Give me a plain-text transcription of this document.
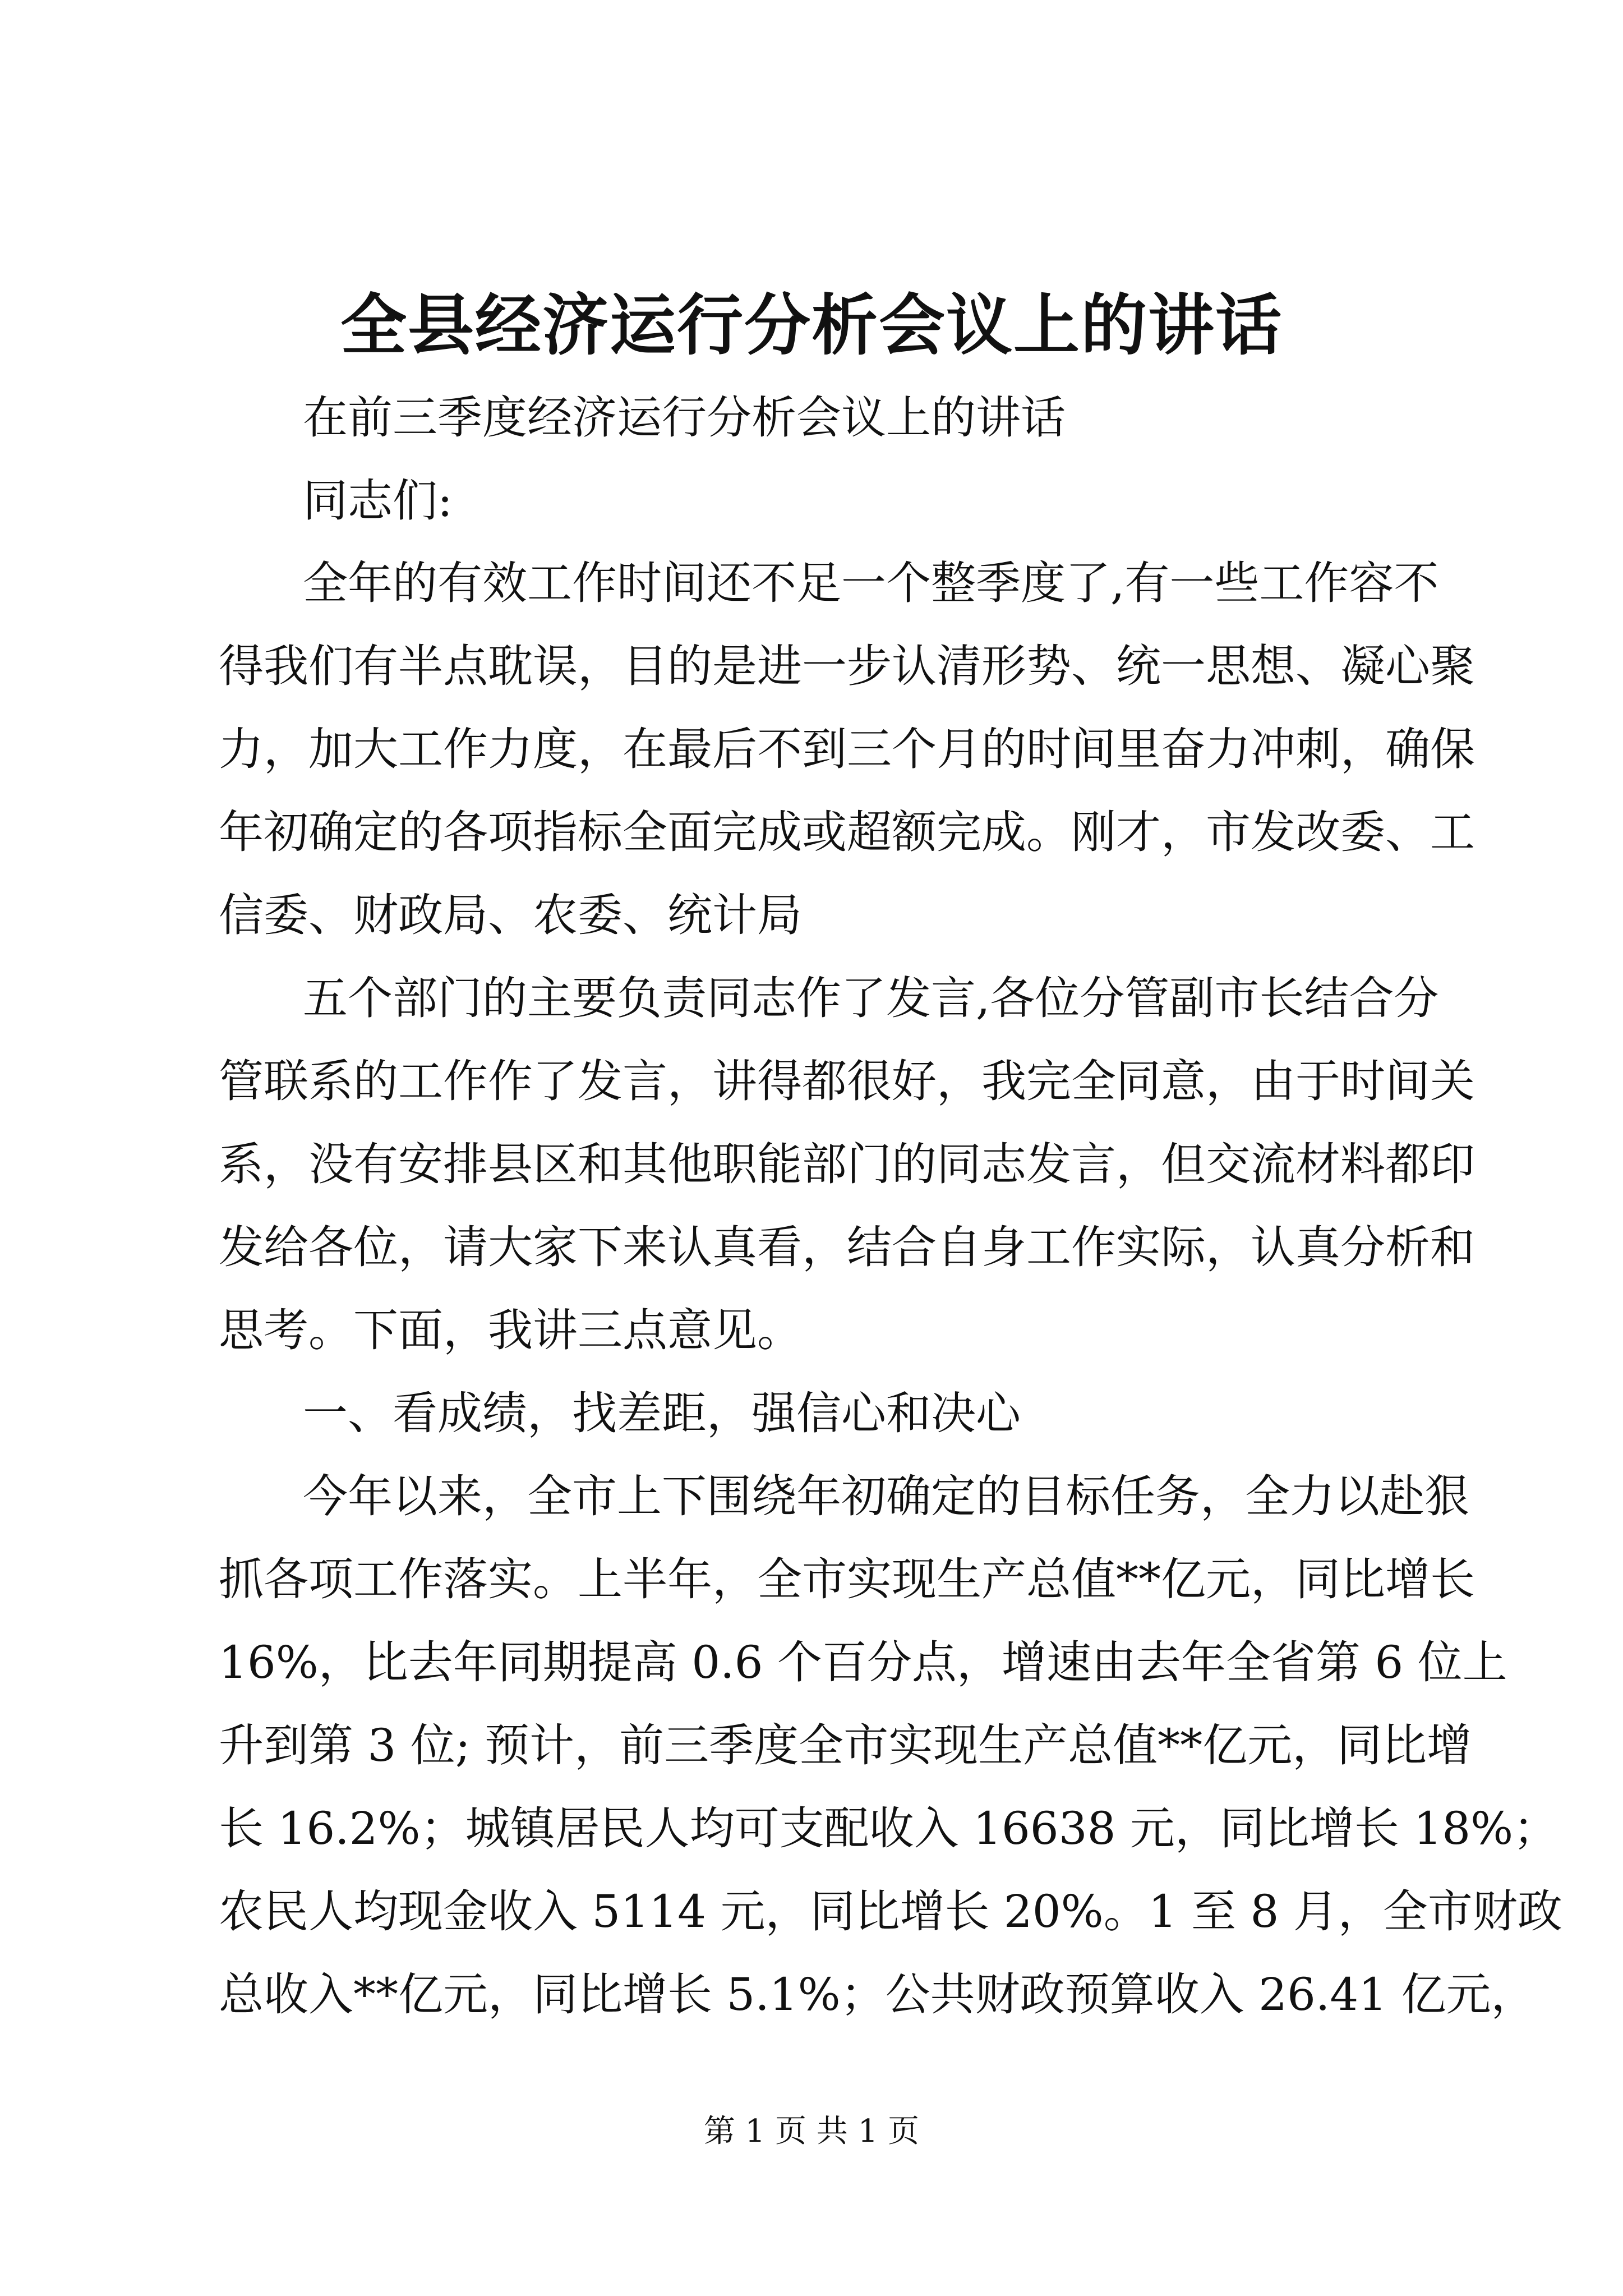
全县经济运行分析会议上的讲话
在前三季度经济运行分析会议上的讲话
同志们:
全年的有效工作时间还不足一个整季度了,有一些工作容不
得我们有半点耽误，目的是进一步认清形势、统一思想、凝心聚
力，加大工作力度，在最后不到三个月的时间里奋力冲刺，确保
年初确定的各项指标全面完成或超额完成。刚才，市发改委、工
信委、财政局、农委、统计局
五个部门的主要负责同志作了发言,各位分管副市长结合分
管联系的工作作了发言，讲得都很好，我完全同意，由于时间关
系，没有安排县区和其他职能部门的同志发言，但交流材料都印
发给各位，请大家下来认真看，结合自身工作实际，认真分析和
思考。下面，我讲三点意见。
一、看成绩，找差距，强信心和决心
今年以来，全市上下围绕年初确定的目标任务，全力以赴狠
抓各项工作落实。上半年，全市实现生产总值**亿元，同比增长
16%，比去年同期提高 0.6 个百分点，增速由去年全省第 6 位上
升到第 3 位; 预计，前三季度全市实现生产总值**亿元，同比增
长 16.2%；城镇居民人均可支配收入 16638 元，同比增长 18%；
农民人均现金收入 5114 元，同比增长 20%。1 至 8 月，全市财政
总收入**亿元，同比增长 5.1%；公共财政预算收入 26.41 亿元，
第 1 页 共 1 页
